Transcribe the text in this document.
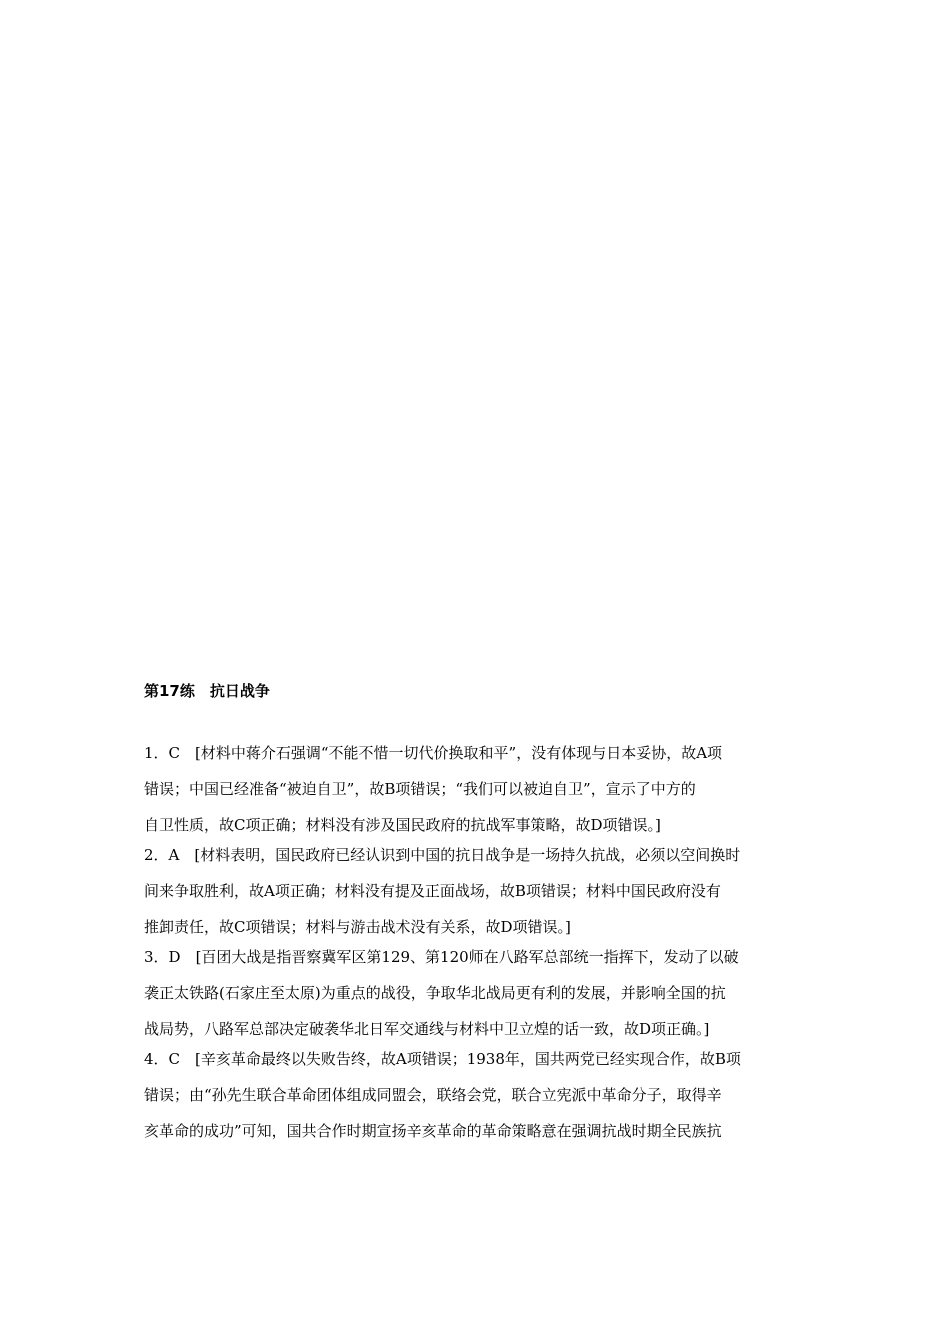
第17练　抗日战争
1．C　[材料中蒋介石强调“不能不惜一切代价换取和平”，没有体现与日本妥协，故A项
错误；中国已经准备“被迫自卫”，故B项错误；“我们可以被迫自卫”，宣示了中方的
自卫性质，故C项正确；材料没有涉及国民政府的抗战军事策略，故D项错误。]
2．A　[材料表明，国民政府已经认识到中国的抗日战争是一场持久抗战，必须以空间换时
间来争取胜利，故A项正确；材料没有提及正面战场，故B项错误；材料中国民政府没有
推卸责任，故C项错误；材料与游击战术没有关系，故D项错误。]
3．D　[百团大战是指晋察冀军区第129、第120师在八路军总部统一指挥下，发动了以破
袭正太铁路(石家庄至太原)为重点的战役，争取华北战局更有利的发展，并影响全国的抗
战局势，八路军总部决定破袭华北日军交通线与材料中卫立煌的话一致，故D项正确。]
4．C　[辛亥革命最终以失败告终，故A项错误；1938年，国共两党已经实现合作，故B项
错误；由“孙先生联合革命团体组成同盟会，联络会党，联合立宪派中革命分子，取得辛
亥革命的成功”可知，国共合作时期宣扬辛亥革命的革命策略意在强调抗战时期全民族抗
